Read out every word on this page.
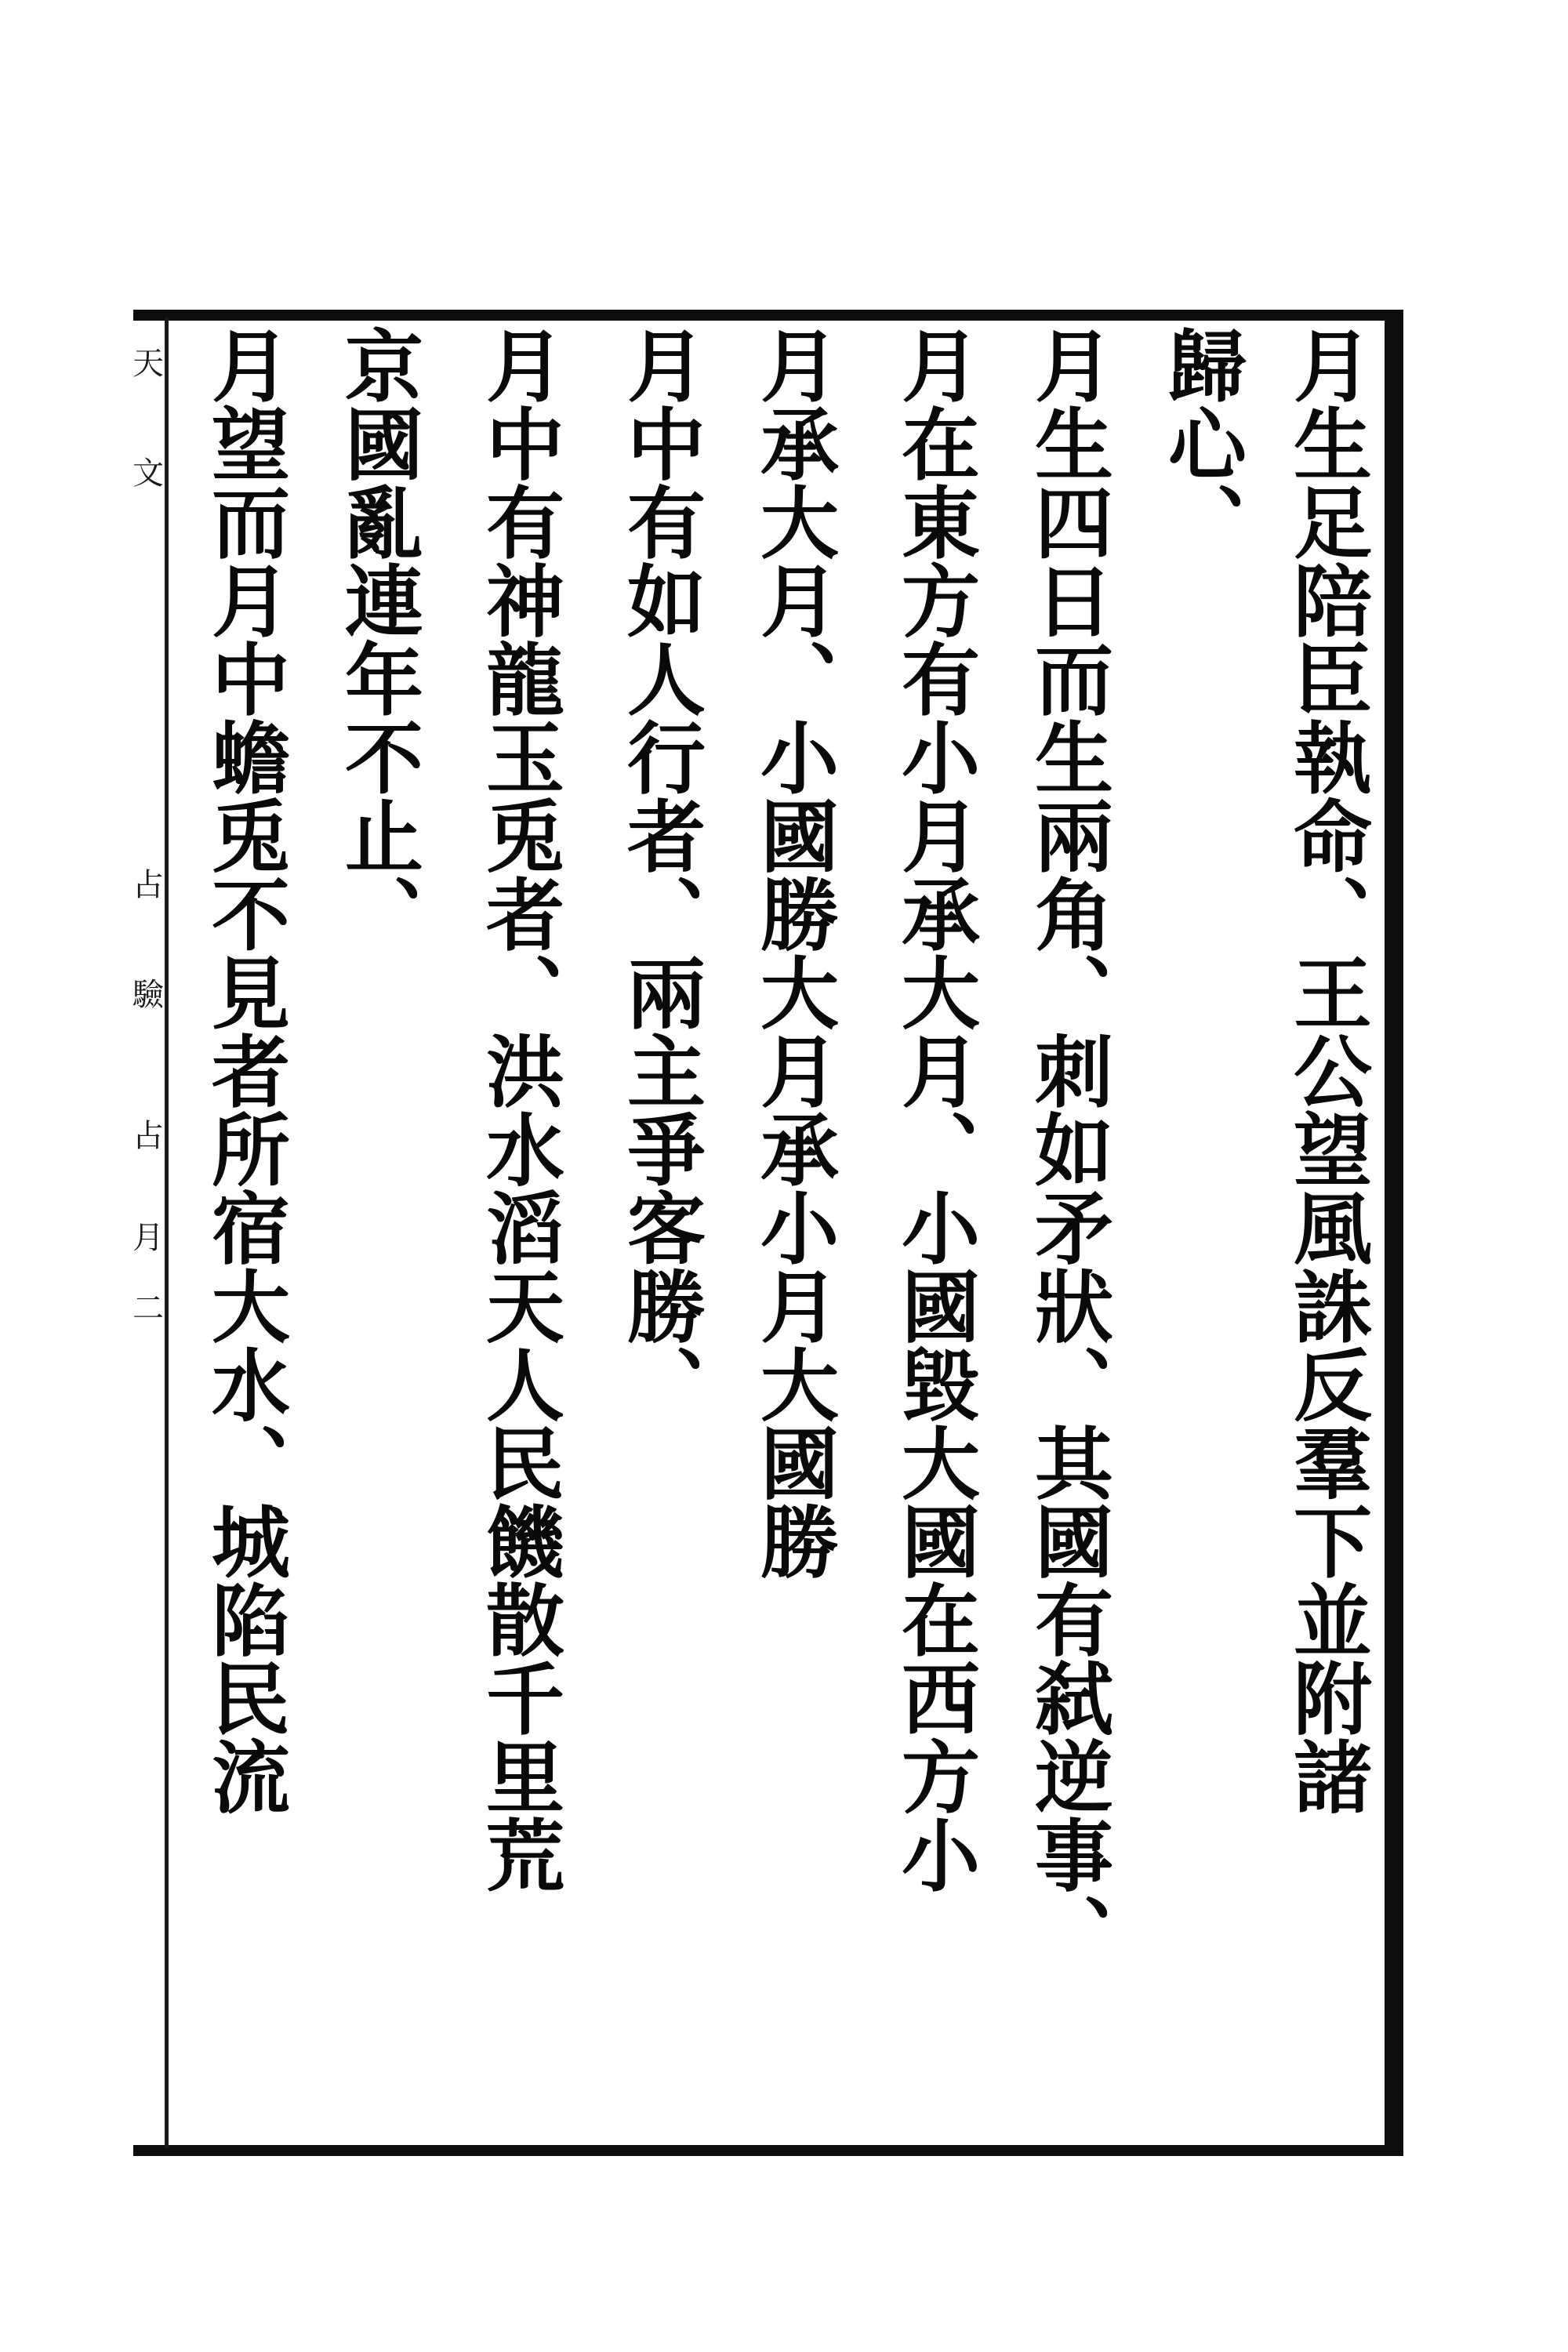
月生足陪臣執命、王公望風誅反羣下並附諸
歸心、
月生四日而生兩角、刺如矛狀、其國有弑逆事、
月在東方有小月承大月、小國毀大國在西方小
月承大月、小國勝大月承小月大國勝
月中有如人行者、兩主爭客勝、
月中有神龍玉兎者、洪水滔天人民饑散千里荒
京國亂連年不止、
月望而月中蟾兎不見者所宿大水、城陷民流
天
文
占
驗
占
月
二
